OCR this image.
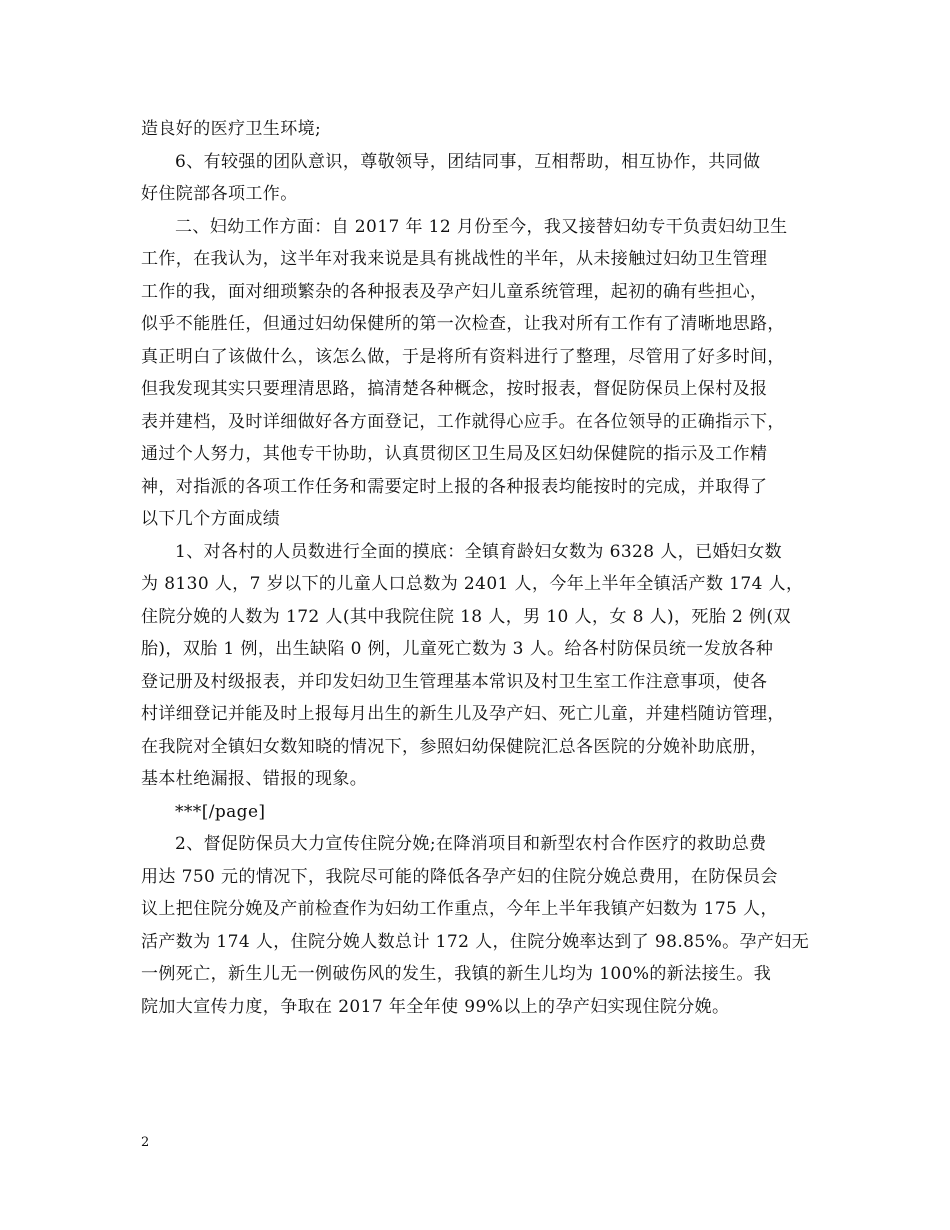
造良好的医疗卫生环境;
6、有较强的团队意识，尊敬领导，团结同事，互相帮助，相互协作，共同做
好住院部各项工作。
二、妇幼工作方面：自 2017 年 12 月份至今，我又接替妇幼专干负责妇幼卫生
工作，在我认为，这半年对我来说是具有挑战性的半年，从未接触过妇幼卫生管理
工作的我，面对细琐繁杂的各种报表及孕产妇儿童系统管理，起初的确有些担心，
似乎不能胜任，但通过妇幼保健所的第一次检查，让我对所有工作有了清晰地思路，
真正明白了该做什么，该怎么做，于是将所有资料进行了整理，尽管用了好多时间，
但我发现其实只要理清思路，搞清楚各种概念，按时报表，督促防保员上保村及报
表并建档，及时详细做好各方面登记，工作就得心应手。在各位领导的正确指示下，
通过个人努力，其他专干协助，认真贯彻区卫生局及区妇幼保健院的指示及工作精
神，对指派的各项工作任务和需要定时上报的各种报表均能按时的完成，并取得了
以下几个方面成绩
1、对各村的人员数进行全面的摸底：全镇育龄妇女数为 6328 人，已婚妇女数
为 8130 人，7 岁以下的儿童人口总数为 2401 人，今年上半年全镇活产数 174 人，
住院分娩的人数为 172 人(其中我院住院 18 人，男 10 人，女 8 人)，死胎 2 例(双
胎)，双胎 1 例，出生缺陷 0 例，儿童死亡数为 3 人。给各村防保员统一发放各种
登记册及村级报表，并印发妇幼卫生管理基本常识及村卫生室工作注意事项，使各
村详细登记并能及时上报每月出生的新生儿及孕产妇、死亡儿童，并建档随访管理，
在我院对全镇妇女数知晓的情况下，参照妇幼保健院汇总各医院的分娩补助底册，
基本杜绝漏报、错报的现象。
***[/page]
2、督促防保员大力宣传住院分娩;在降消项目和新型农村合作医疗的救助总费
用达 750 元的情况下，我院尽可能的降低各孕产妇的住院分娩总费用，在防保员会
议上把住院分娩及产前检查作为妇幼工作重点，今年上半年我镇产妇数为 175 人，
活产数为 174 人，住院分娩人数总计 172 人，住院分娩率达到了 98.85%。孕产妇无
一例死亡，新生儿无一例破伤风的发生，我镇的新生儿均为 100%的新法接生。我
院加大宣传力度，争取在 2017 年全年使 99%以上的孕产妇实现住院分娩。
2
